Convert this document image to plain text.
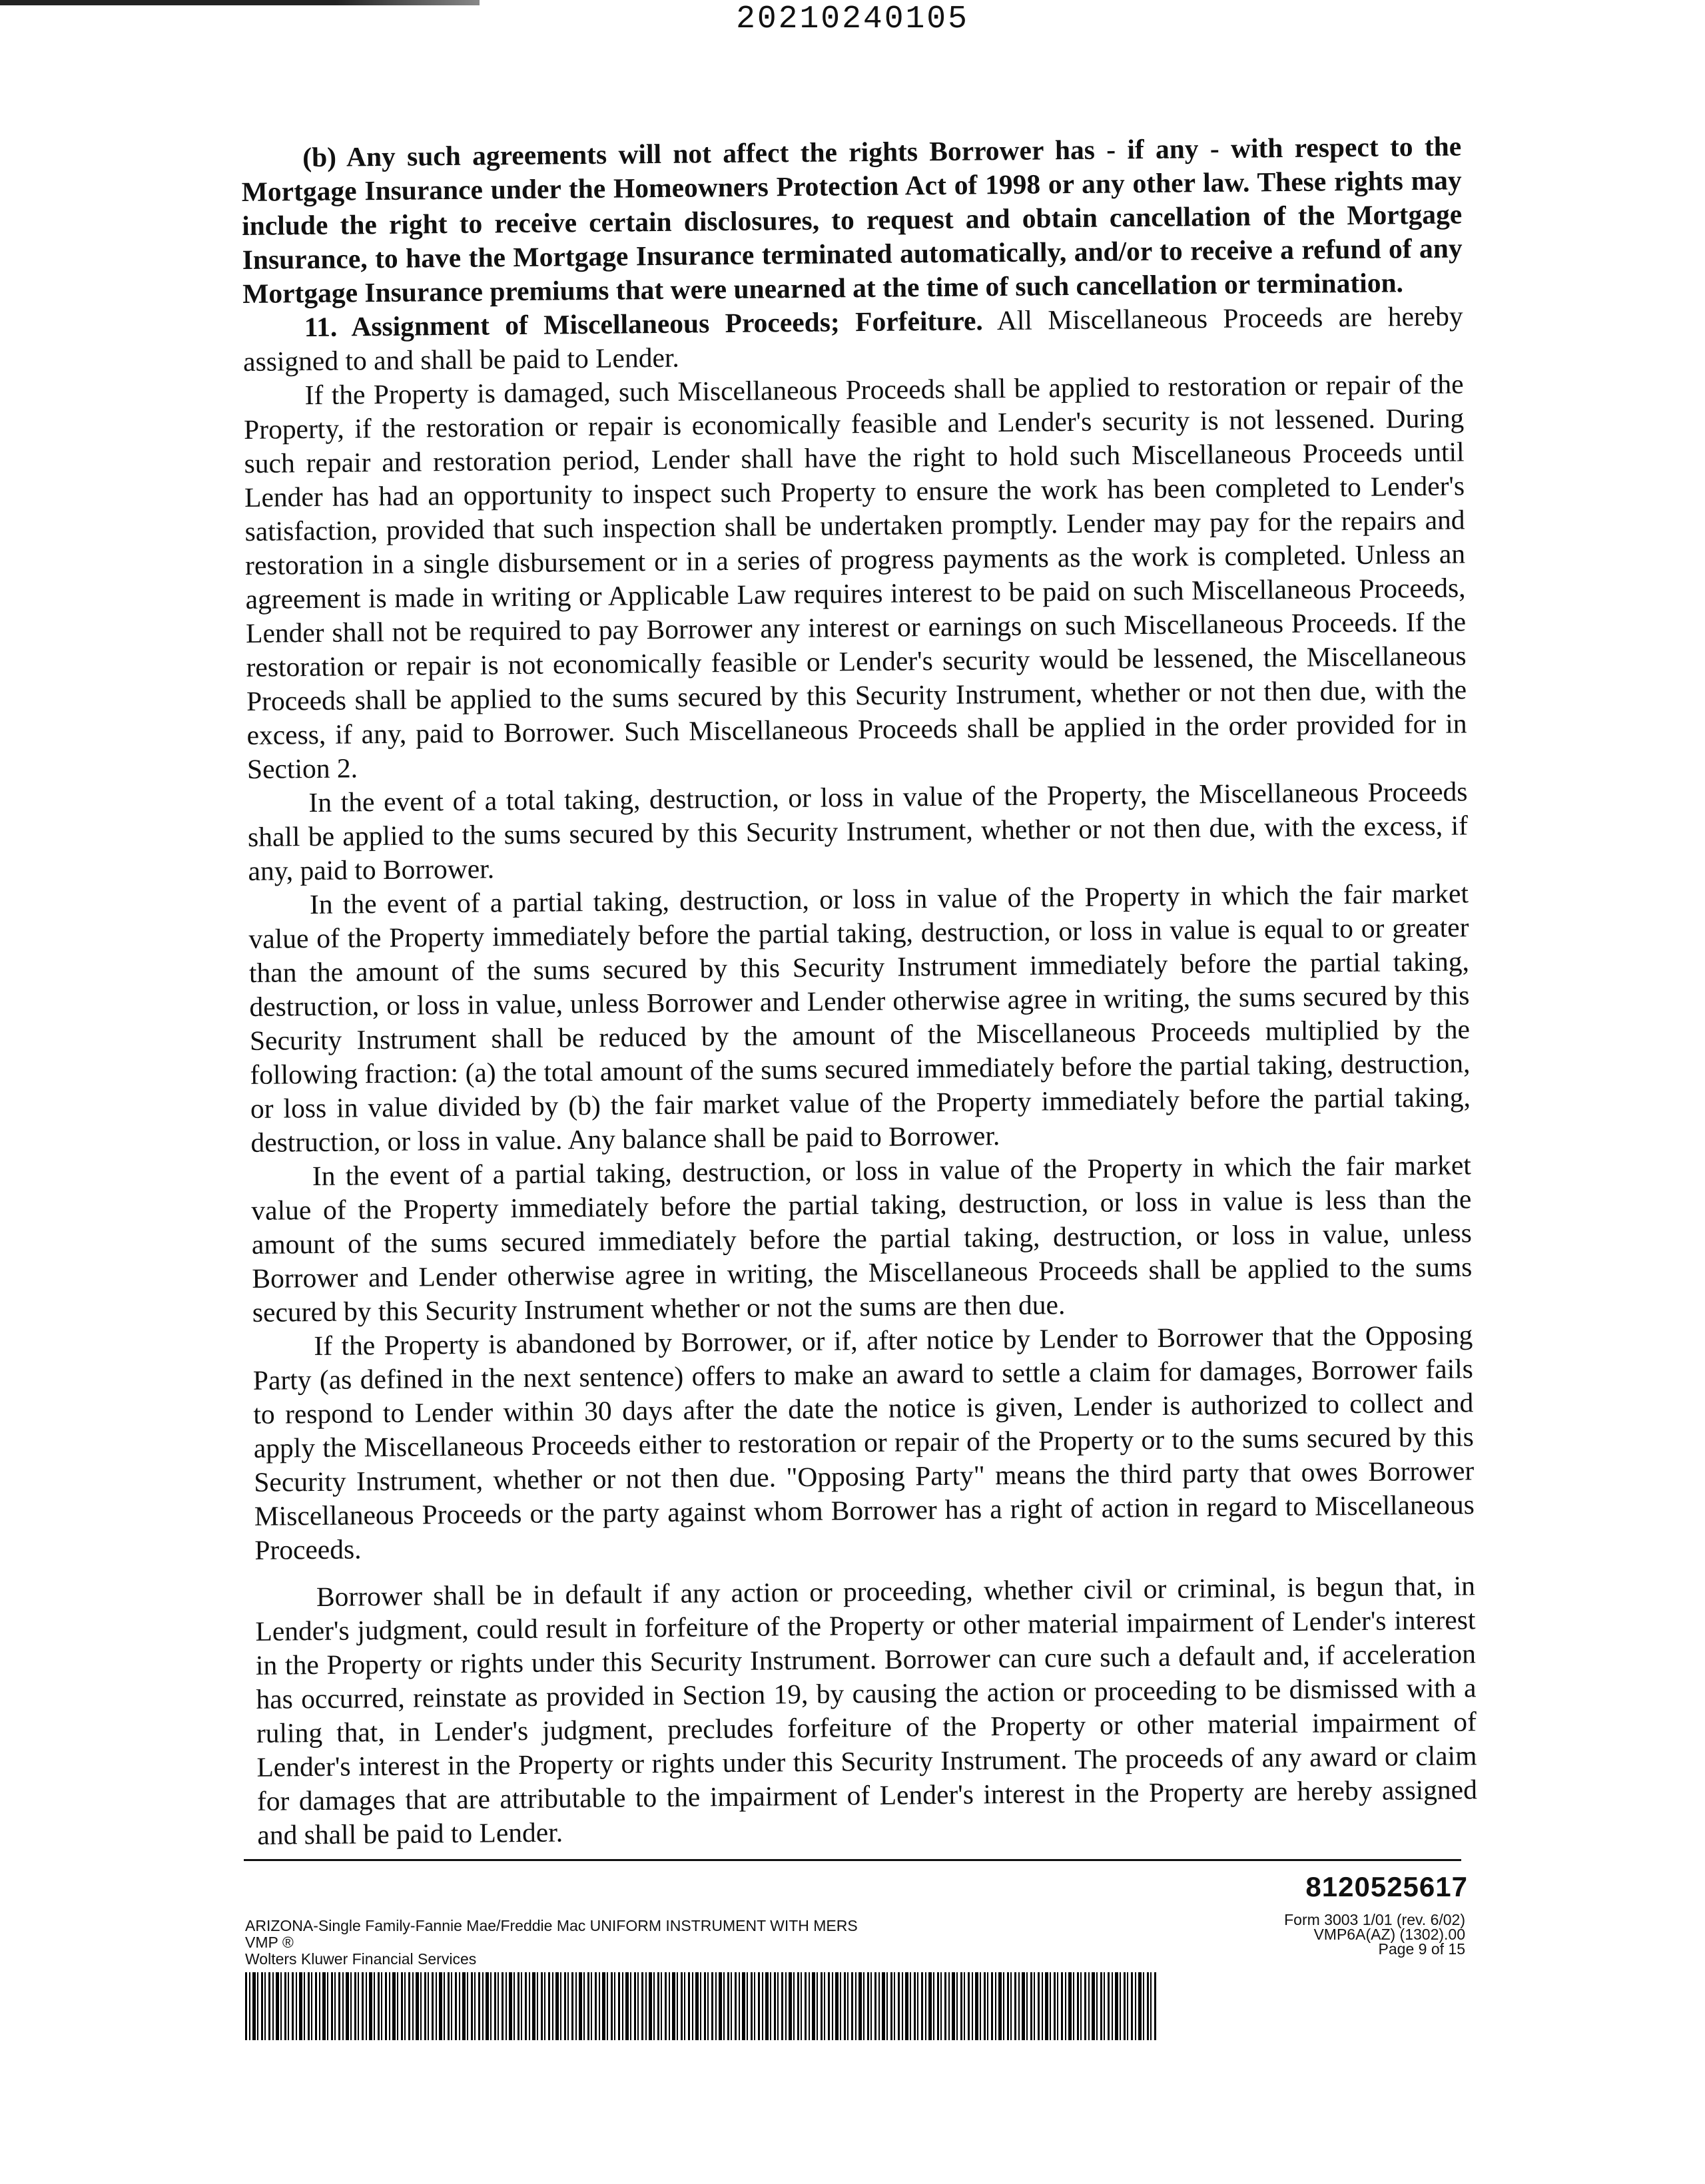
20210240105

(b) Any such agreements will not affect the rights Borrower has - if any - with respect to the Mortgage Insurance under the Homeowners Protection Act of 1998 or any other law. These rights may include the right to receive certain disclosures, to request and obtain cancellation of the Mortgage Insurance, to have the Mortgage Insurance terminated automatically, and/or to receive a refund of any Mortgage Insurance premiums that were unearned at the time of such cancellation or termination.

11. Assignment of Miscellaneous Proceeds; Forfeiture. All Miscellaneous Proceeds are hereby assigned to and shall be paid to Lender.

If the Property is damaged, such Miscellaneous Proceeds shall be applied to restoration or repair of the Property, if the restoration or repair is economically feasible and Lender's security is not lessened. During such repair and restoration period, Lender shall have the right to hold such Miscellaneous Proceeds until Lender has had an opportunity to inspect such Property to ensure the work has been completed to Lender's satisfaction, provided that such inspection shall be undertaken promptly. Lender may pay for the repairs and restoration in a single disbursement or in a series of progress payments as the work is completed. Unless an agreement is made in writing or Applicable Law requires interest to be paid on such Miscellaneous Proceeds, Lender shall not be required to pay Borrower any interest or earnings on such Miscellaneous Proceeds. If the restoration or repair is not economically feasible or Lender's security would be lessened, the Miscellaneous Proceeds shall be applied to the sums secured by this Security Instrument, whether or not then due, with the excess, if any, paid to Borrower. Such Miscellaneous Proceeds shall be applied in the order provided for in Section 2.

In the event of a total taking, destruction, or loss in value of the Property, the Miscellaneous Proceeds shall be applied to the sums secured by this Security Instrument, whether or not then due, with the excess, if any, paid to Borrower.

In the event of a partial taking, destruction, or loss in value of the Property in which the fair market value of the Property immediately before the partial taking, destruction, or loss in value is equal to or greater than the amount of the sums secured by this Security Instrument immediately before the partial taking, destruction, or loss in value, unless Borrower and Lender otherwise agree in writing, the sums secured by this Security Instrument shall be reduced by the amount of the Miscellaneous Proceeds multiplied by the following fraction: (a) the total amount of the sums secured immediately before the partial taking, destruction, or loss in value divided by (b) the fair market value of the Property immediately before the partial taking, destruction, or loss in value. Any balance shall be paid to Borrower.

In the event of a partial taking, destruction, or loss in value of the Property in which the fair market value of the Property immediately before the partial taking, destruction, or loss in value is less than the amount of the sums secured immediately before the partial taking, destruction, or loss in value, unless Borrower and Lender otherwise agree in writing, the Miscellaneous Proceeds shall be applied to the sums secured by this Security Instrument whether or not the sums are then due.

If the Property is abandoned by Borrower, or if, after notice by Lender to Borrower that the Opposing Party (as defined in the next sentence) offers to make an award to settle a claim for damages, Borrower fails to respond to Lender within 30 days after the date the notice is given, Lender is authorized to collect and apply the Miscellaneous Proceeds either to restoration or repair of the Property or to the sums secured by this Security Instrument, whether or not then due. "Opposing Party" means the third party that owes Borrower Miscellaneous Proceeds or the party against whom Borrower has a right of action in regard to Miscellaneous Proceeds.

Borrower shall be in default if any action or proceeding, whether civil or criminal, is begun that, in Lender's judgment, could result in forfeiture of the Property or other material impairment of Lender's interest in the Property or rights under this Security Instrument. Borrower can cure such a default and, if acceleration has occurred, reinstate as provided in Section 19, by causing the action or proceeding to be dismissed with a ruling that, in Lender's judgment, precludes forfeiture of the Property or other material impairment of Lender's interest in the Property or rights under this Security Instrument. The proceeds of any award or claim for damages that are attributable to the impairment of Lender's interest in the Property are hereby assigned and shall be paid to Lender.

8120525617
ARIZONA-Single Family-Fannie Mae/Freddie Mac UNIFORM INSTRUMENT WITH MERS
VMP ®
Wolters Kluwer Financial Services
Form 3003 1/01 (rev. 6/02)
VMP6A(AZ) (1302).00
Page 9 of 15
